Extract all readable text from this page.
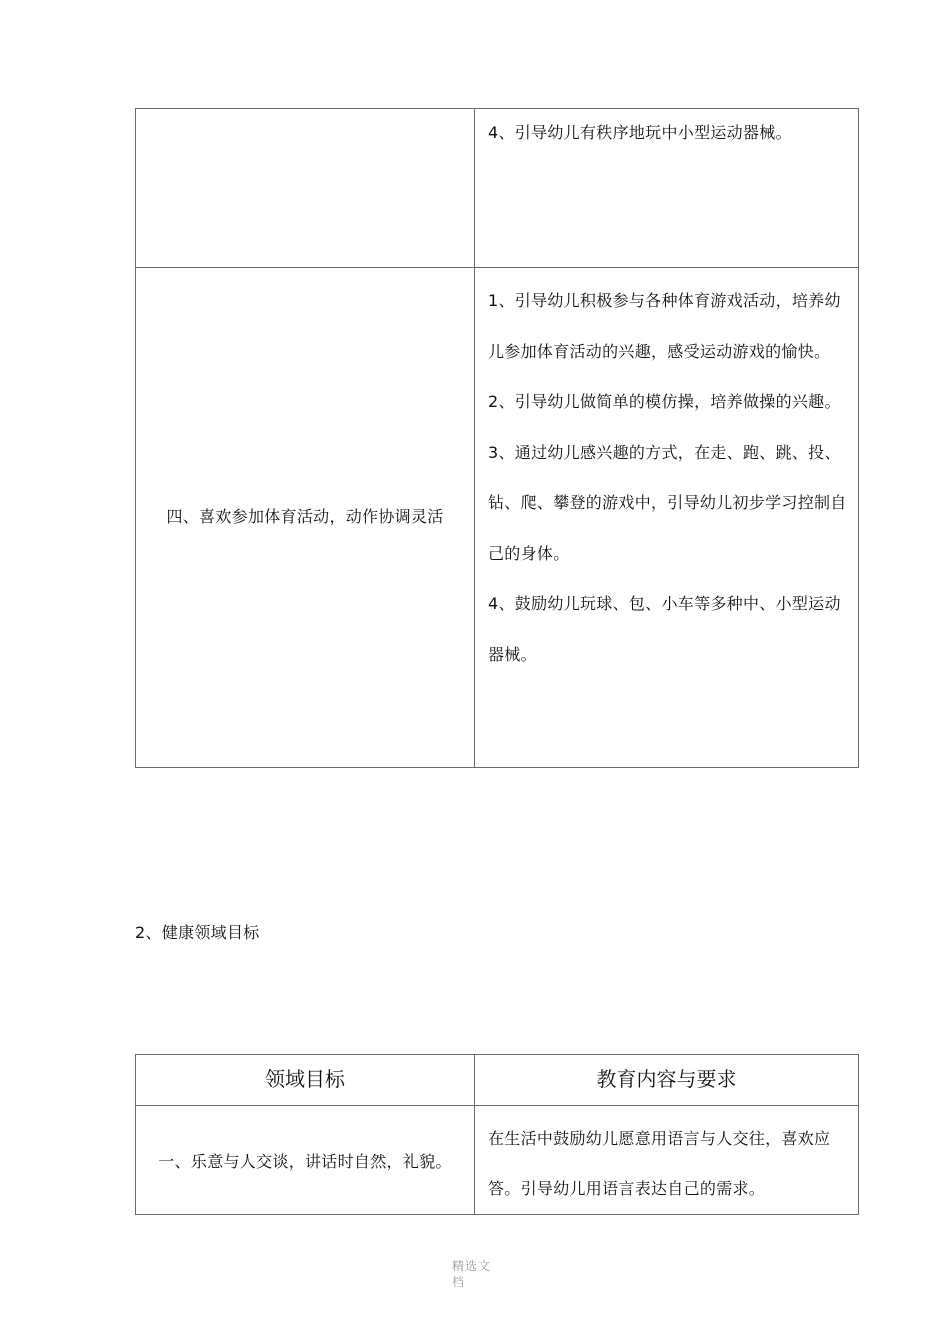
	4、引导幼儿有秩序地玩中小型运动器械。

四、喜欢参加体育活动，动作协调灵活	1、引导幼儿积极参与各种体育游戏活动，培养幼儿参加体育活动的兴趣，感受运动游戏的愉快。
2、引导幼儿做简单的模仿操，培养做操的兴趣。
3、通过幼儿感兴趣的方式，在走、跑、跳、投、钻、爬、攀登的游戏中，引导幼儿初步学习控制自己的身体。
4、鼓励幼儿玩球、包、小车等多种中、小型运动器械。
2、健康领域目标
领域目标	教育内容与要求
一、乐意与人交谈，讲话时自然，礼貌。	在生活中鼓励幼儿愿意用语言与人交往，喜欢应答。引导幼儿用语言表达自己的需求。
精选文档
